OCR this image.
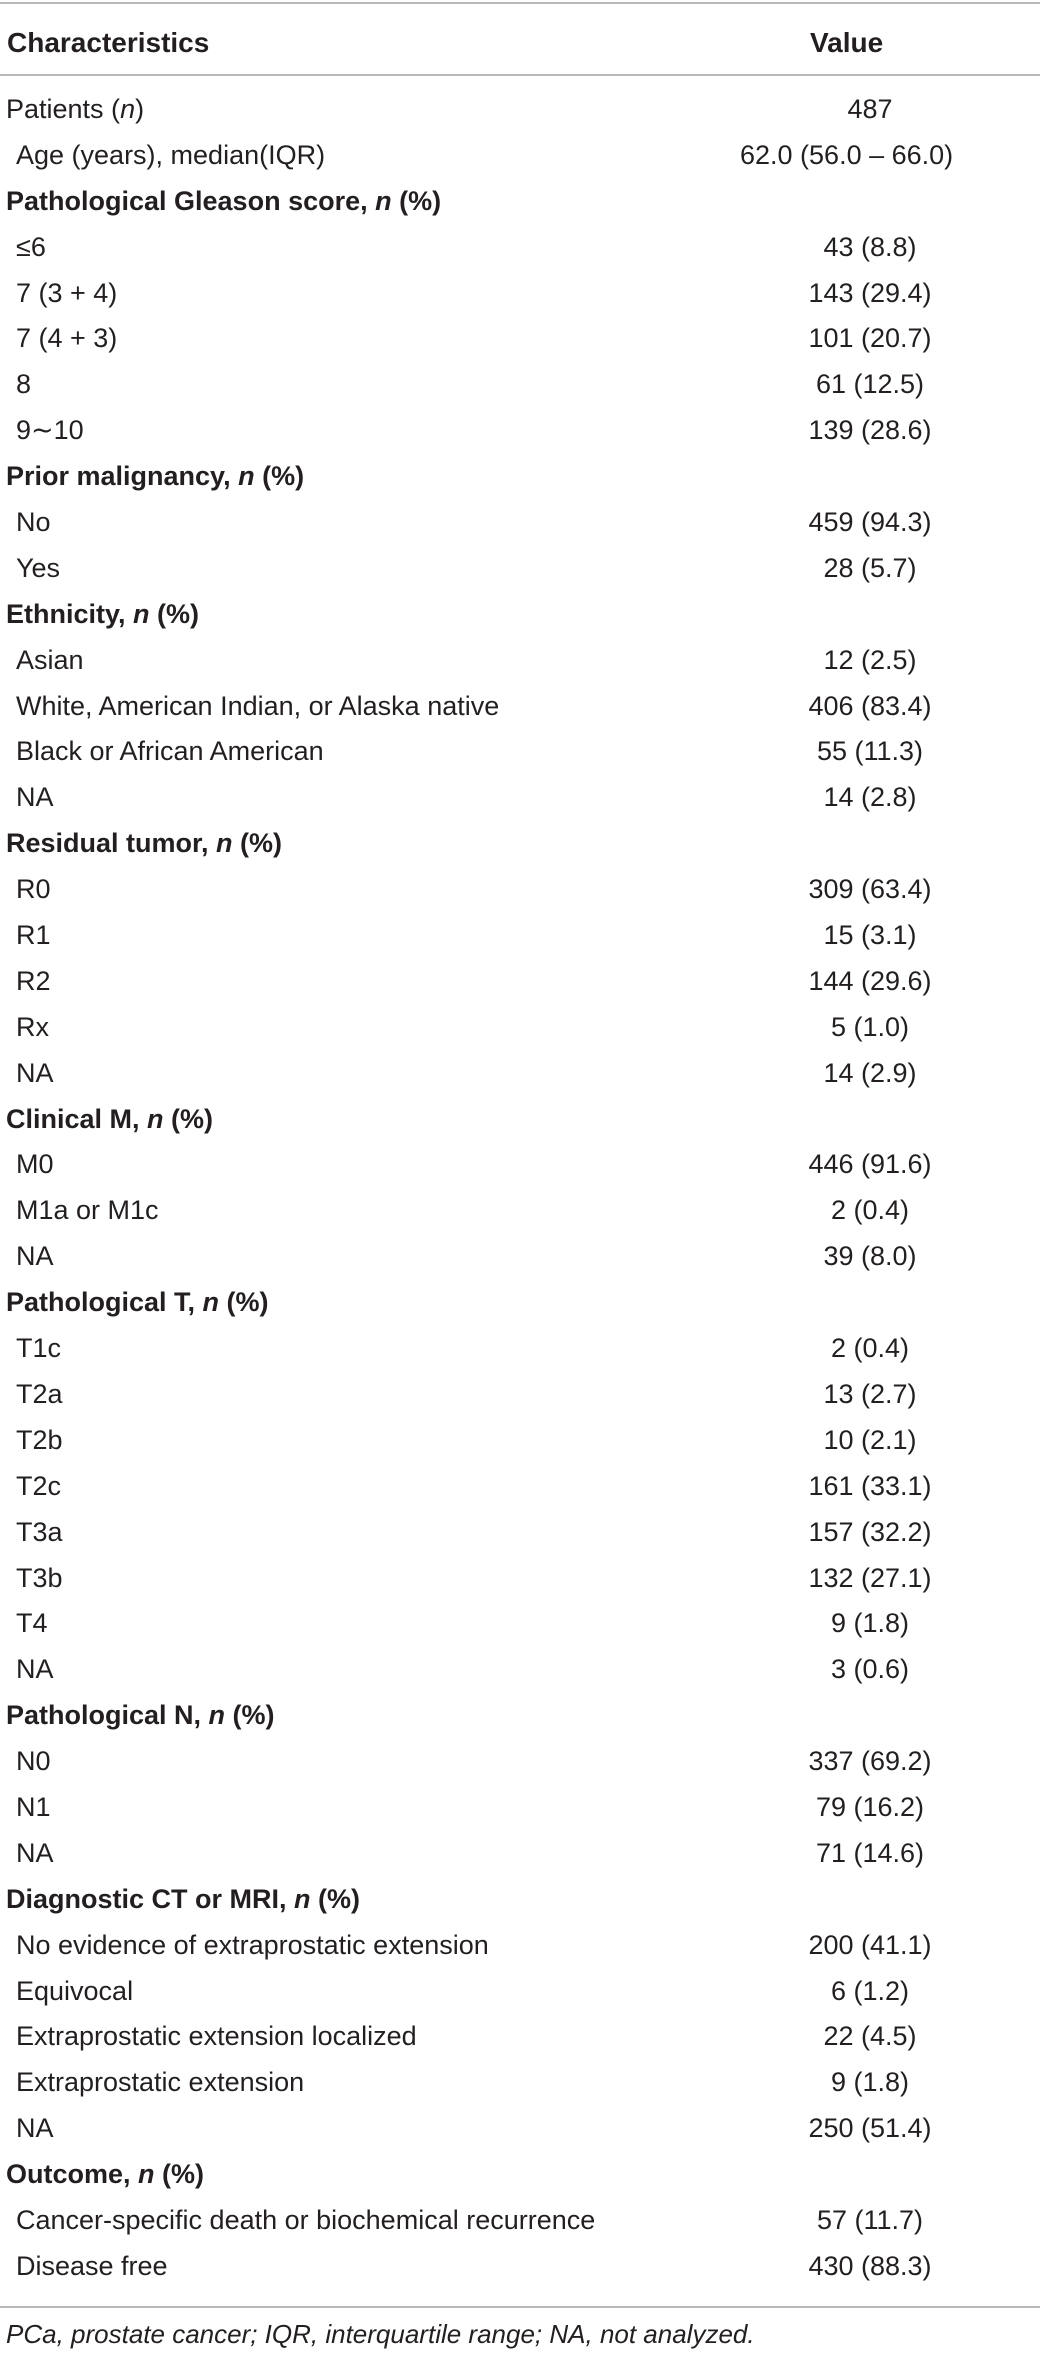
Characteristics	Value
Patients (n)	487
Age (years), median(IQR)	62.0 (56.0 – 66.0)
Pathological Gleason score, n (%)
≤6	43 (8.8)
7 (3 + 4)	143 (29.4)
7 (4 + 3)	101 (20.7)
8	61 (12.5)
9∼10	139 (28.6)
Prior malignancy, n (%)
No	459 (94.3)
Yes	28 (5.7)
Ethnicity, n (%)
Asian	12 (2.5)
White, American Indian, or Alaska native	406 (83.4)
Black or African American	55 (11.3)
NA	14 (2.8)
Residual tumor, n (%)
R0	309 (63.4)
R1	15 (3.1)
R2	144 (29.6)
Rx	5 (1.0)
NA	14 (2.9)
Clinical M, n (%)
M0	446 (91.6)
M1a or M1c	2 (0.4)
NA	39 (8.0)
Pathological T, n (%)
T1c	2 (0.4)
T2a	13 (2.7)
T2b	10 (2.1)
T2c	161 (33.1)
T3a	157 (32.2)
T3b	132 (27.1)
T4	9 (1.8)
NA	3 (0.6)
Pathological N, n (%)
N0	337 (69.2)
N1	79 (16.2)
NA	71 (14.6)
Diagnostic CT or MRI, n (%)
No evidence of extraprostatic extension	200 (41.1)
Equivocal	6 (1.2)
Extraprostatic extension localized	22 (4.5)
Extraprostatic extension	9 (1.8)
NA	250 (51.4)
Outcome, n (%)
Cancer-specific death or biochemical recurrence	57 (11.7)
Disease free	430 (88.3)
PCa, prostate cancer; IQR, interquartile range; NA, not analyzed.
